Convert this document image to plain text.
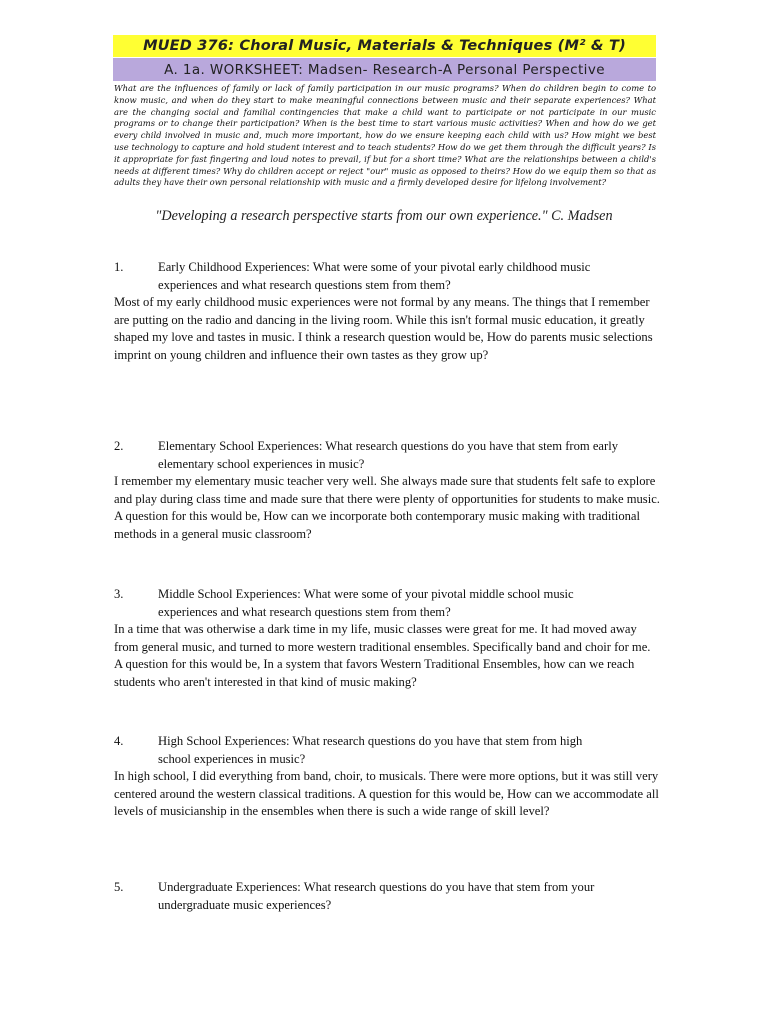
MUED 376: Choral Music, Materials & Techniques (M² & T)
A. 1a. WORKSHEET: Madsen- Research-A Personal Perspective
What are the influences of family or lack of family participation in our music programs? When do children begin to come to know music, and when do they start to make meaningful connections between music and their separate experiences? What are the changing social and familial contingencies that make a child want to participate or not participate in our music programs or to change their participation? When is the best time to start various music activities? When and how do we get every child involved in music and, much more important, how do we ensure keeping each child with us? How might we best use technology to capture and hold student interest and to teach students? How do we get them through the difficult years? Is it appropriate for fast fingering and loud notes to prevail, if but for a short time? What are the relationships between a child's needs at different times? Why do children accept or reject "our" music as opposed to theirs? How do we equip them so that as adults they have their own personal relationship with music and a firmly developed desire for lifelong involvement?
"Developing a research perspective starts from our own experience." C. Madsen
1.	Early Childhood Experiences: What were some of your pivotal early childhood music experiences and what research questions stem from them?
Most of my early childhood music experiences were not formal by any means. The things that I remember are putting on the radio and dancing in the living room. While this isn't formal music education, it greatly shaped my love and tastes in music. I think a research question would be, How do parents music selections imprint on young children and influence their own tastes as they grow up?
2.	Elementary School Experiences: What research questions do you have that stem from early elementary school experiences in music?
I remember my elementary music teacher very well. She always made sure that students felt safe to explore and play during class time and made sure that there were plenty of opportunities for students to make music. A question for this would be, How can we incorporate both contemporary music making with traditional methods in a general music classroom?
3.	Middle School Experiences: What were some of your pivotal middle school music experiences and what research questions stem from them?
In a time that was otherwise a dark time in my life, music classes were great for me. It had moved away from general music, and turned to more western traditional ensembles. Specifically band and choir for me. A question for this would be, In a system that favors Western Traditional Ensembles, how can we reach students who aren't interested in that kind of music making?
4.	High School Experiences: What research questions do you have that stem from high school experiences in music?
In high school, I did everything from band, choir, to musicals. There were more options, but it was still very centered around the western classical traditions. A question for this would be, How can we accommodate all levels of musicianship in the ensembles when there is such a wide range of skill level?
5.	Undergraduate Experiences: What research questions do you have that stem from your undergraduate music experiences?
